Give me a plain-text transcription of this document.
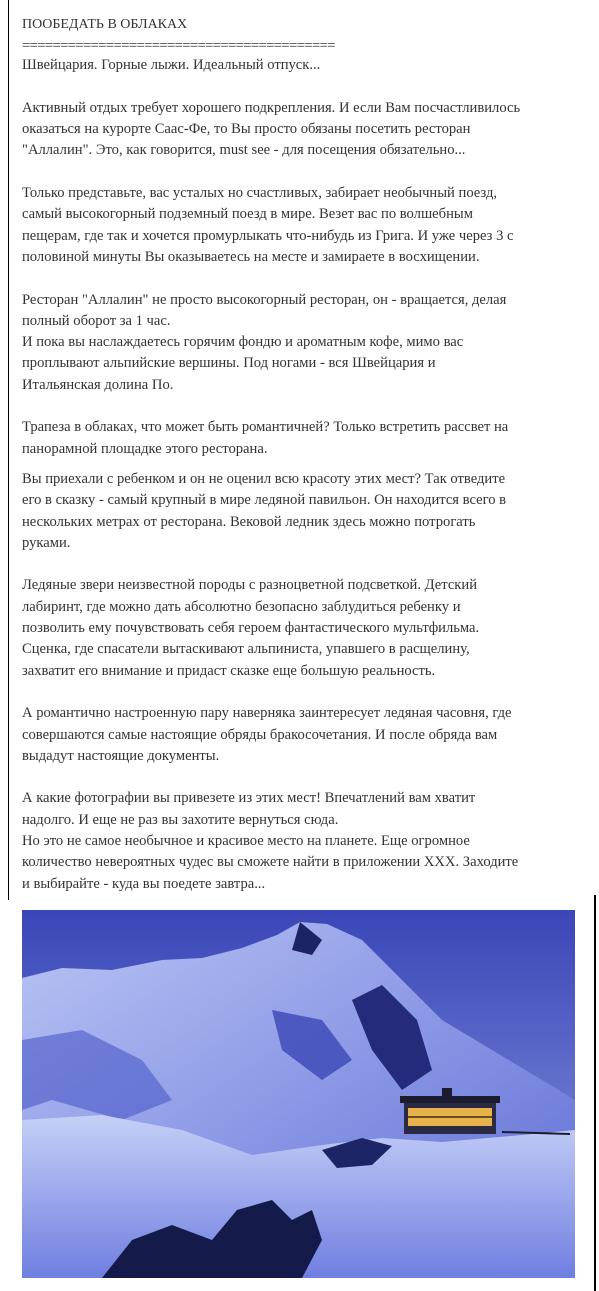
ПООБЕДАТЬ В ОБЛАКАХ

=========================================

Швейцария. Горные лыжи. Идеальный отпуск...

Активный отдых требует хорошего подкрепления. И если Вам посчастливилось

оказаться на курорте Саас-Фе, то Вы просто обязаны посетить ресторан

"Аллалин". Это, как говорится, must see - для посещения обязательно...

Только представьте, вас усталых но счастливых, забирает необычный поезд,

самый высокогорный подземный поезд в мире. Везет вас по волшебным

пещерам, где так и хочется промурлыкать что-нибудь из Грига. И уже через 3 с

половиной минуты Вы оказываетесь на месте и замираете в восхищении.

Ресторан "Аллалин" не просто высокогорный ресторан, он - вращается, делая

полный оборот за 1 час.

И пока вы наслаждаетесь горячим фондю и ароматным кофе, мимо вас

проплывают альпийские вершины. Под ногами - вся Швейцария и

Итальянская долина По.

Трапеза в облаках, что может быть романтичней? Только встретить рассвет на

панорамной площадке этого ресторана.

Вы приехали с ребенком и он не оценил всю красоту этих мест? Так отведите

его в сказку - самый крупный в мире ледяной павильон. Он находится всего в

нескольких метрах от ресторана. Вековой ледник здесь можно потрогать

руками.

Ледяные звери неизвестной породы с разноцветной подсветкой. Детский

лабиринт, где можно дать абсолютно безопасно заблудиться ребенку и

позволить ему почувствовать себя героем фантастического мультфильма.

Сценка, где спасатели вытаскивают альпиниста, упавшего в расщелину,

захватит его внимание и придаст сказке еще большую реальность.

А романтично настроенную пару наверняка заинтересует ледяная часовня, где

совершаются самые настоящие обряды бракосочетания. И после обряда вам

выдадут настоящие документы.

А какие фотографии вы привезете из этих мест! Впечатлений вам хватит

надолго. И еще не раз вы захотите вернуться сюда.

Но это не самое необычное и красивое место на планете. Еще огромное

количество невероятных чудес вы сможете найти в приложении XXX. Заходите

и выбирайте - куда вы поедете завтра...
